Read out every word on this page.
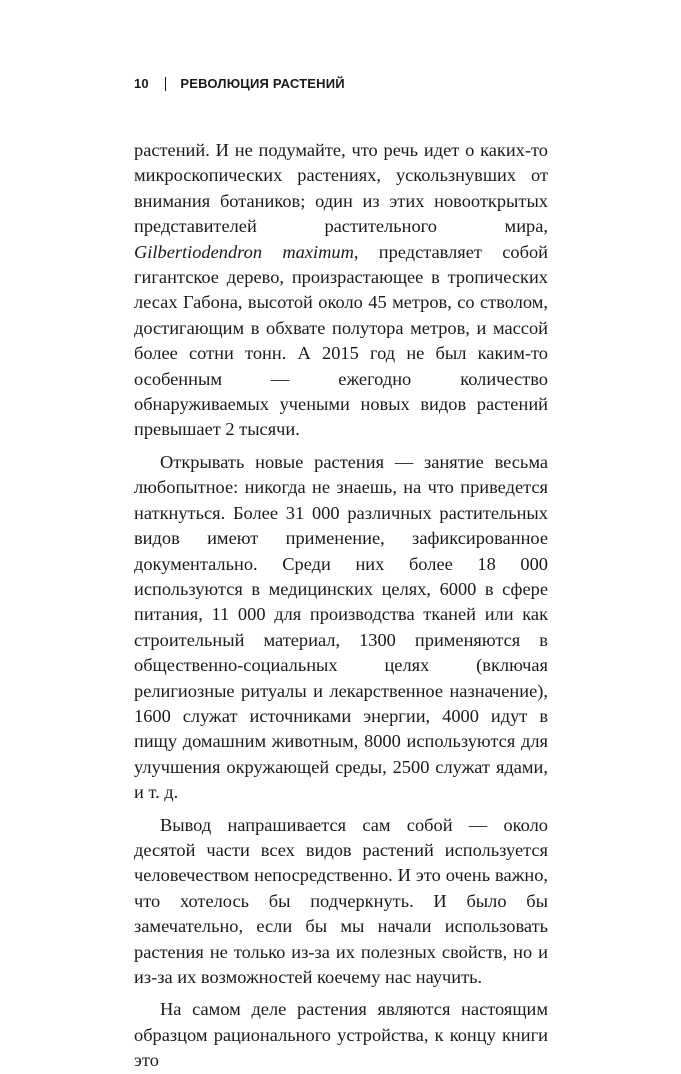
10 РЕВОЛЮЦИЯ РАСТЕНИЙ

растений. И не подумайте, что речь идет о каких-то микроскопических растениях, ускользнувших от внимания ботаников; один из этих новооткрытых представителей растительного мира, Gilbertiodendron maximum, представляет собой гигантское дерево, произрастающее в тропических лесах Габона, высотой около 45 метров, со стволом, достигающим в обхвате полутора метров, и массой более сотни тонн. А 2015 год не был каким-то особенным — ежегодно количество обнаруживаемых учеными новых видов растений превышает 2 тысячи.

Открывать новые растения — занятие весьма любопытное: никогда не знаешь, на что приведется наткнуться. Более 31 000 различных растительных видов имеют применение, зафиксированное документально. Среди них более 18 000 используются в медицинских целях, 6000 в сфере питания, 11 000 для производства тканей или как строительный материал, 1300 применяются в общественно-социальных целях (включая религиозные ритуалы и лекарственное назначение), 1600 служат источниками энергии, 4000 идут в пищу домашним животным, 8000 используются для улучшения окружающей среды, 2500 служат ядами, и т. д.

Вывод напрашивается сам собой — около десятой части всех видов растений используется человечеством непосредственно. И это очень важно, что хотелось бы подчеркнуть. И было бы замечательно, если бы мы начали использовать растения не только из-за их полезных свойств, но и из-за их возможностей коечему нас научить.

На самом деле растения являются настоящим образцом рационального устройства, к концу книги это
